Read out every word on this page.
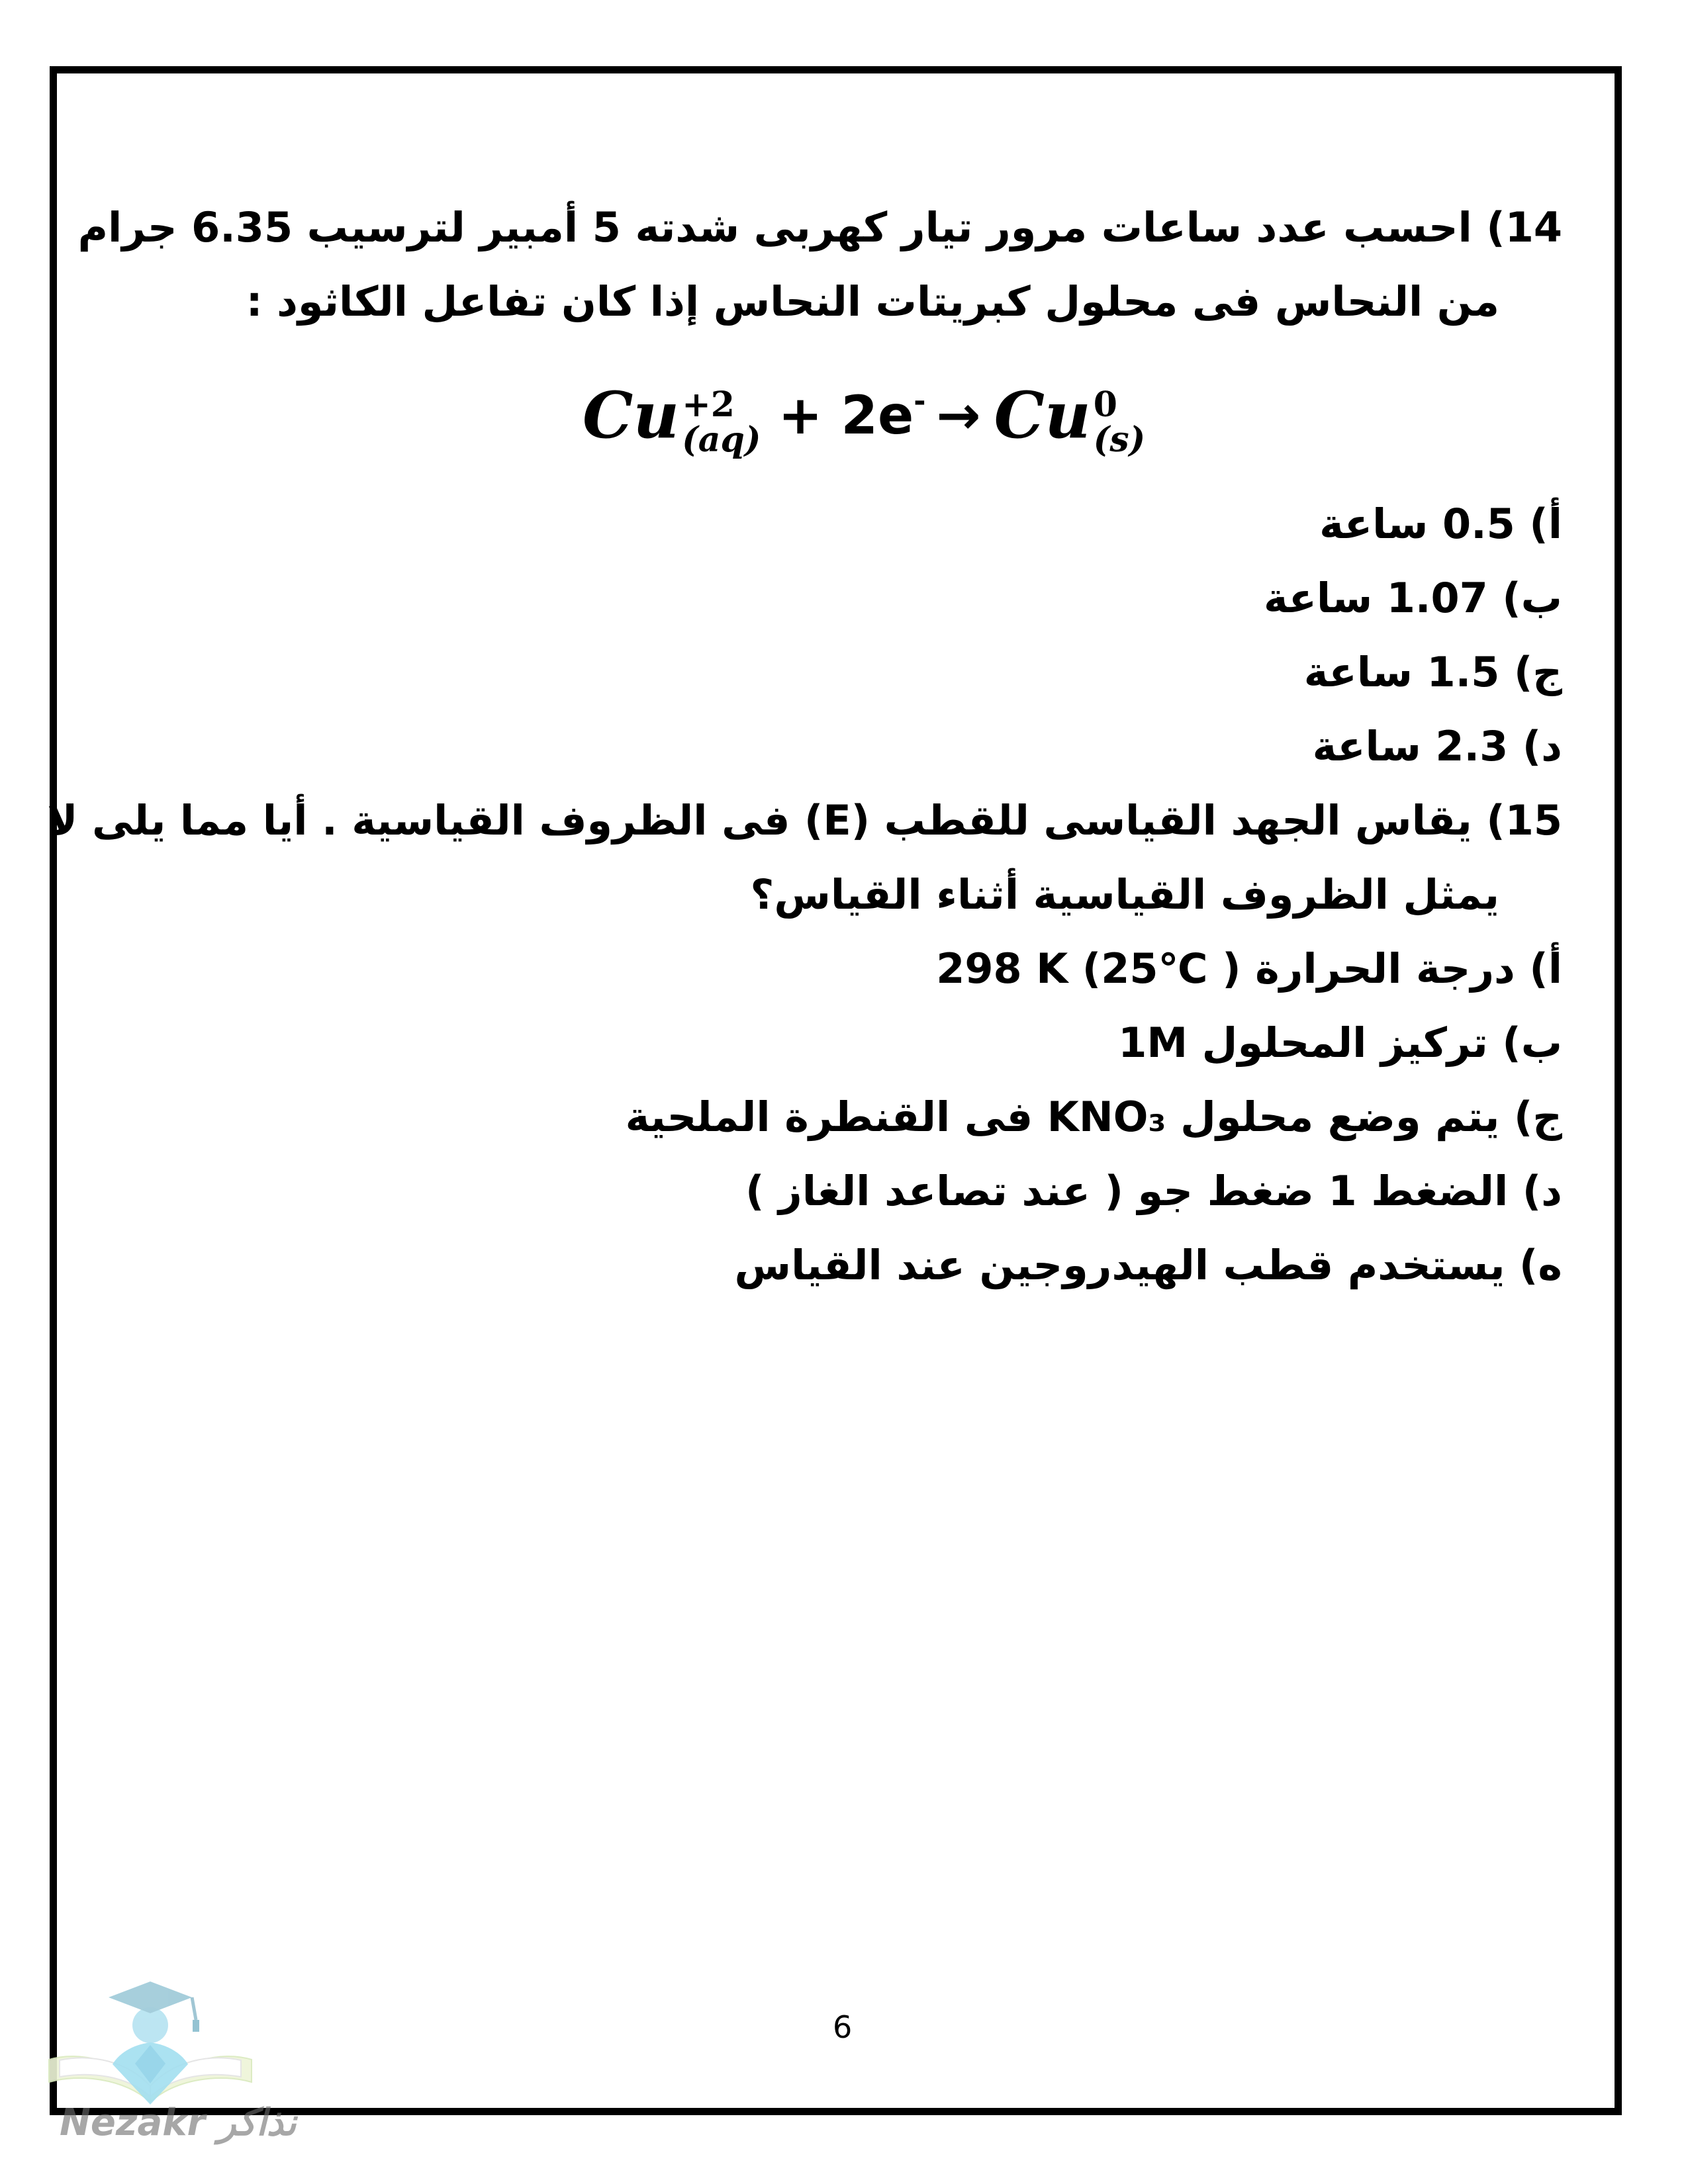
14) احسب عدد ساعات مرور تيار كهربى شدته 5 أمبير لترسيب 6.35 جرام

من النحاس فى محلول كبريتات النحاس إذا كان تفاعل الكاثود :

Cu +2
(aq) + 2e- → Cu 0
(s)

أ) 0.5 ساعة

ب) 1.07 ساعة

ج) 1.5 ساعة

د) 2.3 ساعة

15) يقاس الجهد القياسى للقطب ‪(E)‬ فى الظروف القياسية . أيا مما يلى لا

يمثل الظروف القياسية أثناء القياس؟

أ) درجة الحرارة ‪298 K‬ ‪(25℃ )‬

ب) تركيز المحلول ‪1M‬

ج) يتم وضع محلول ‪KNO₃‬ فى القنطرة الملحية

د) الضغط 1 ضغط جو ( عند تصاعد الغاز )

ه) يستخدم قطب الهيدروجين عند القياس

6
Nezakr نذاكر
